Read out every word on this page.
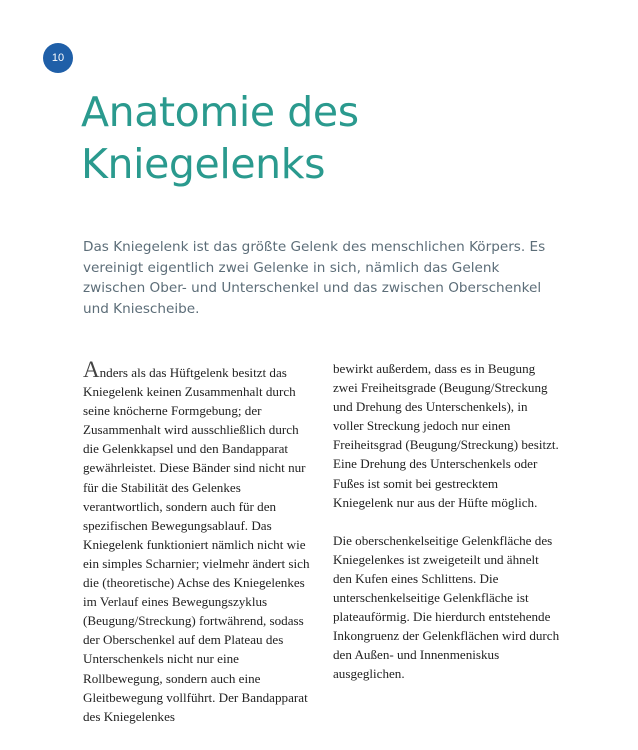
10
Anatomie des
Kniegelenks

Das Kniegelenk ist das größte Gelenk des menschlichen Körpers. Es vereinigt eigentlich zwei Gelenke in sich, nämlich das Gelenk zwischen Ober- und Unterschenkel und das zwischen Oberschenkel und Kniescheibe.

Anders als das Hüftgelenk besitzt das Kniegelenk keinen Zusammenhalt durch seine knöcherne Formgebung; der Zusammenhalt wird ausschließlich durch die Gelenkkapsel und den Bandapparat gewährleistet. Diese Bänder sind nicht nur für die Stabilität des Gelenkes verantwortlich, sondern auch für den spezifischen Bewegungsablauf. Das Kniegelenk funktioniert nämlich nicht wie ein simples Scharnier; vielmehr ändert sich die (theoretische) Achse des Kniegelenkes im Verlauf eines Bewegungszyklus (Beugung/Streckung) fortwährend, sodass der Oberschenkel auf dem Plateau des Unterschenkels nicht nur eine Rollbewegung, sondern auch eine Gleitbewegung vollführt. Der Bandapparat des Kniegelenkes

bewirkt außerdem, dass es in Beugung zwei Freiheitsgrade (Beugung/Streckung und Drehung des Unterschenkels), in voller Streckung jedoch nur einen Freiheitsgrad (Beugung/Streckung) besitzt. Eine Drehung des Unterschenkels oder Fußes ist somit bei gestrecktem Kniegelenk nur aus der Hüfte möglich.

Die oberschenkelseitige Gelenkfläche des Kniegelenkes ist zweigeteilt und ähnelt den Kufen eines Schlittens. Die unterschenkelseitige Gelenkfläche ist plateauförmig. Die hierdurch entstehende Inkongruenz der Gelenkflächen wird durch den Außen- und Innenmeniskus ausgeglichen.
